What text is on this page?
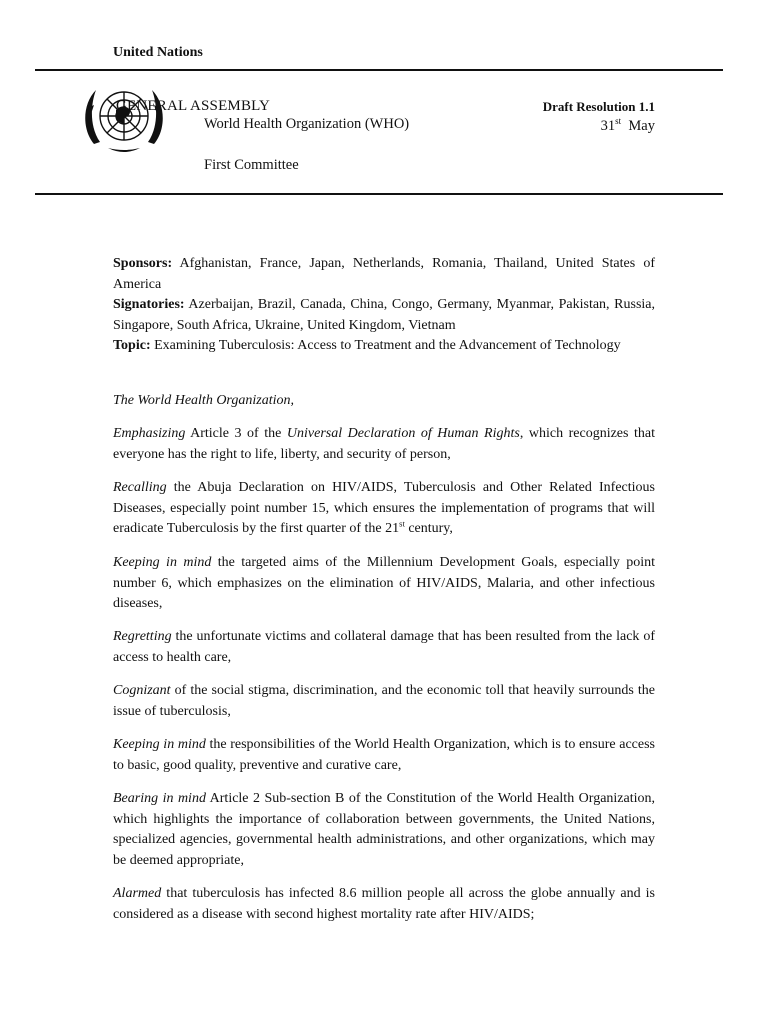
United Nations
GENERAL ASSEMBLY
World Health Organization (WHO)
First Committee
Draft Resolution 1.1
31st May
Sponsors: Afghanistan, France, Japan, Netherlands, Romania, Thailand, United States of America
Signatories: Azerbaijan, Brazil, Canada, China, Congo, Germany, Myanmar, Pakistan, Russia, Singapore, South Africa, Ukraine, United Kingdom, Vietnam
Topic: Examining Tuberculosis: Access to Treatment and the Advancement of Technology
The World Health Organization,
Emphasizing Article 3 of the Universal Declaration of Human Rights, which recognizes that everyone has the right to life, liberty, and security of person,
Recalling the Abuja Declaration on HIV/AIDS, Tuberculosis and Other Related Infectious Diseases, especially point number 15, which ensures the implementation of programs that will eradicate Tuberculosis by the first quarter of the 21st century,
Keeping in mind the targeted aims of the Millennium Development Goals, especially point number 6, which emphasizes on the elimination of HIV/AIDS, Malaria, and other infectious diseases,
Regretting the unfortunate victims and collateral damage that has been resulted from the lack of access to health care,
Cognizant of the social stigma, discrimination, and the economic toll that heavily surrounds the issue of tuberculosis,
Keeping in mind the responsibilities of the World Health Organization, which is to ensure access to basic, good quality, preventive and curative care,
Bearing in mind Article 2 Sub-section B of the Constitution of the World Health Organization, which highlights the importance of collaboration between governments, the United Nations, specialized agencies, governmental health administrations, and other organizations, which may be deemed appropriate,
Alarmed that tuberculosis has infected 8.6 million people all across the globe annually and is considered as a disease with second highest mortality rate after HIV/AIDS;
